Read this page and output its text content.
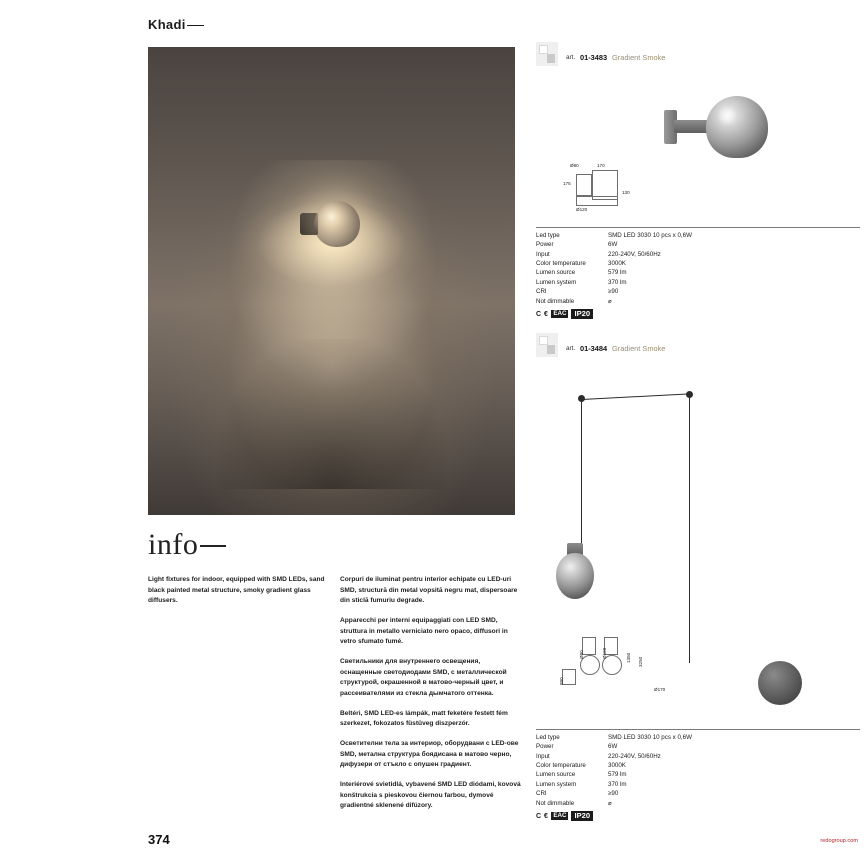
Khadi
info

Light fixtures for indoor, equipped with SMD LEDs, sand black painted metal structure, smoky gradient glass diffusers.

Corpuri de iluminat pentru interior echipate cu LED-uri SMD, structură din metal vopsită negru mat, dispersoare din sticlă fumuriu degrade.

Apparecchi per interni equipaggiati con LED SMD, struttura in metallo verniciato nero opaco, diffusori in vetro sfumato fumé.

Светильники для внутреннего освещения, оснащенные светодиодами SMD, с металлической структурой, окрашенной в матово-черный цвет, и рассеивателями из стекла дымчатого оттенка.

Beltéri, SMD LED-es lámpák, matt feketére festett fém szerkezet, fokozatos füstüveg diszperzór.

Осветителни тела за интериор, оборудвани с LED-ове SMD, метална структура боядисана в матово черно, дифузери от стъкло с опушен градиент.

Interiérové svietidlá, vybavené SMD LED diódami, kovová konštrukcia s pieskovou čiernou farbou, dymové gradientné sklenené difúzory.

374
art. 01-3483 Gradient Smoke
Ø80	170
175
Ø120
130
Led type	SMD LED 3030 10 pcs x 0,6W
Power	6W
Input	220-240V, 50/60Hz
Color temperature	3000K
Lumen source	579 lm
Lumen system	370 lm
CRI	≥90
Not dimmable	⌀
C € EAC	IP20
art. 01-3484 Gradient Smoke
Ø80	Ø120	1350 3250
880
Ø170
Led type	SMD LED 3030 10 pcs x 0,6W
Power	6W
Input	220-240V, 50/60Hz
Color temperature	3000K
Lumen source	579 lm
Lumen system	370 lm
CRI	≥90
Not dimmable	⌀
C € EAC	IP20
redogroup.com
